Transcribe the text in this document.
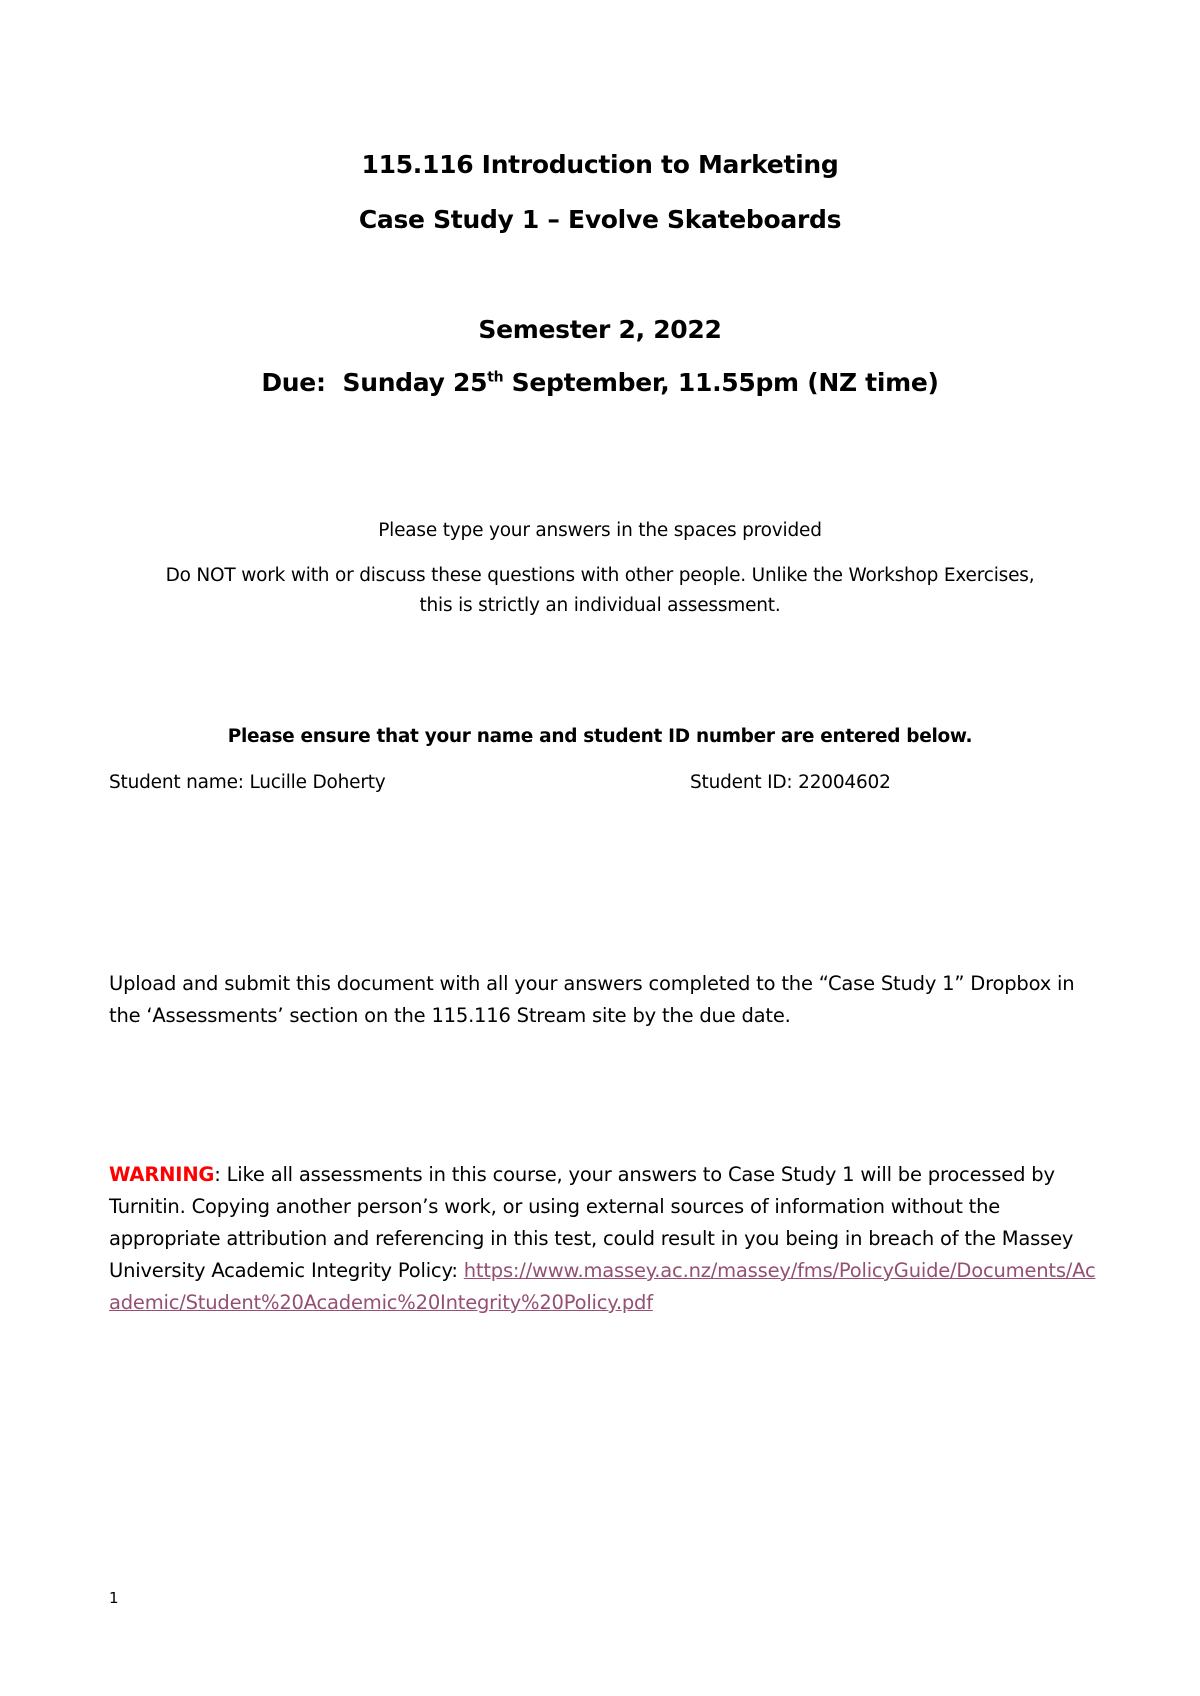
115.116 Introduction to Marketing
Case Study 1 – Evolve Skateboards
Semester 2, 2022
Due: Sunday 25th September, 11.55pm (NZ time)
Please type your answers in the spaces provided
Do NOT work with or discuss these questions with other people. Unlike the Workshop Exercises,
this is strictly an individual assessment.
Please ensure that your name and student ID number are entered below.
Student name: Lucille Doherty	Student ID: 22004602
Upload and submit this document with all your answers completed to the “Case Study 1” Dropbox in the ‘Assessments’ section on the 115.116 Stream site by the due date.
WARNING: Like all assessments in this course, your answers to Case Study 1 will be processed by Turnitin. Copying another person’s work, or using external sources of information without the appropriate attribution and referencing in this test, could result in you being in breach of the Massey University Academic Integrity Policy: https://www.massey.ac.nz/massey/fms/PolicyGuide/Documents/Academic/Student%20Academic%20Integrity%20Policy.pdf
1
